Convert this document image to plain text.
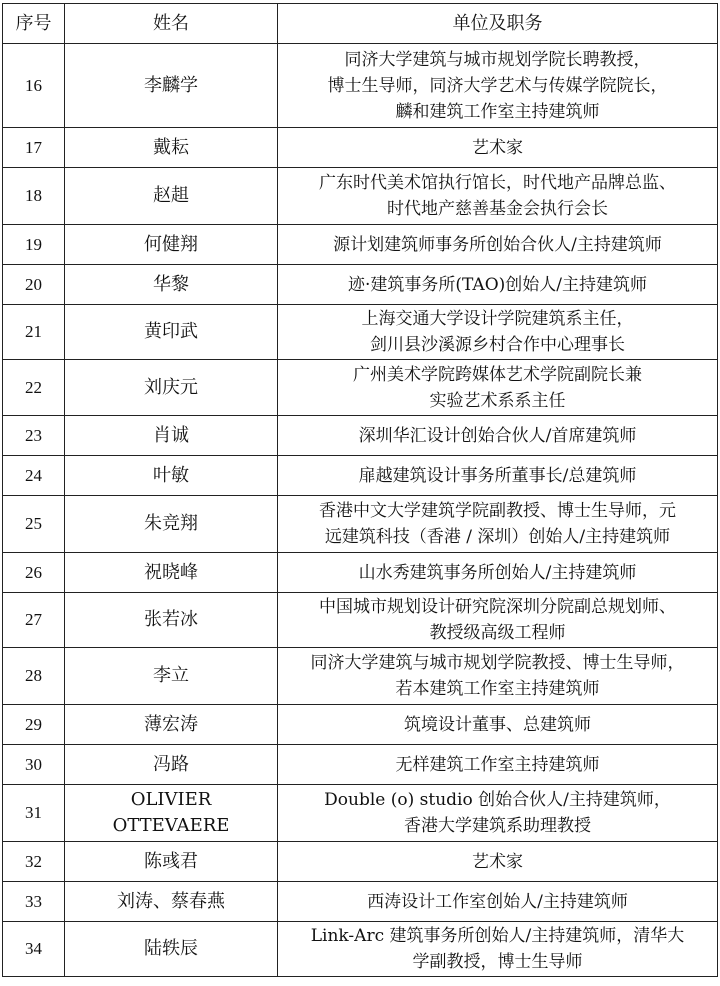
序号	姓名	单位及职务
16	李麟学	同济大学建筑与城市规划学院长聘教授，
博士生导师，同济大学艺术与传媒学院院长，
麟和建筑工作室主持建筑师
17	戴耘	艺术家
18	赵趄	广东时代美术馆执行馆长，时代地产品牌总监、
时代地产慈善基金会执行会长
19	何健翔	源计划建筑师事务所创始合伙人/主持建筑师
20	华黎	迹·建筑事务所(TAO)创始人/主持建筑师
21	黄印武	上海交通大学设计学院建筑系主任，
剑川县沙溪源乡村合作中心理事长
22	刘庆元	广州美术学院跨媒体艺术学院副院长兼
实验艺术系系主任
23	肖诚	深圳华汇设计创始合伙人/首席建筑师
24	叶敏	扉越建筑设计事务所董事长/总建筑师
25	朱竞翔	香港中文大学建筑学院副教授、博士生导师，元
远建筑科技（香港 / 深圳）创始人/主持建筑师
26	祝晓峰	山水秀建筑事务所创始人/主持建筑师
27	张若冰	中国城市规划设计研究院深圳分院副总规划师、
教授级高级工程师
28	李立	同济大学建筑与城市规划学院教授、博士生导师，
若本建筑工作室主持建筑师
29	薄宏涛	筑境设计董事、总建筑师
30	冯路	无样建筑工作室主持建筑师
31	OLIVIER
OTTEVAERE	Double (o) studio 创始合伙人/主持建筑师，
香港大学建筑系助理教授
32	陈彧君	艺术家
33	刘涛、蔡春燕	西涛设计工作室创始人/主持建筑师
34	陆轶辰	Link-Arc 建筑事务所创始人/主持建筑师，清华大
学副教授，博士生导师
